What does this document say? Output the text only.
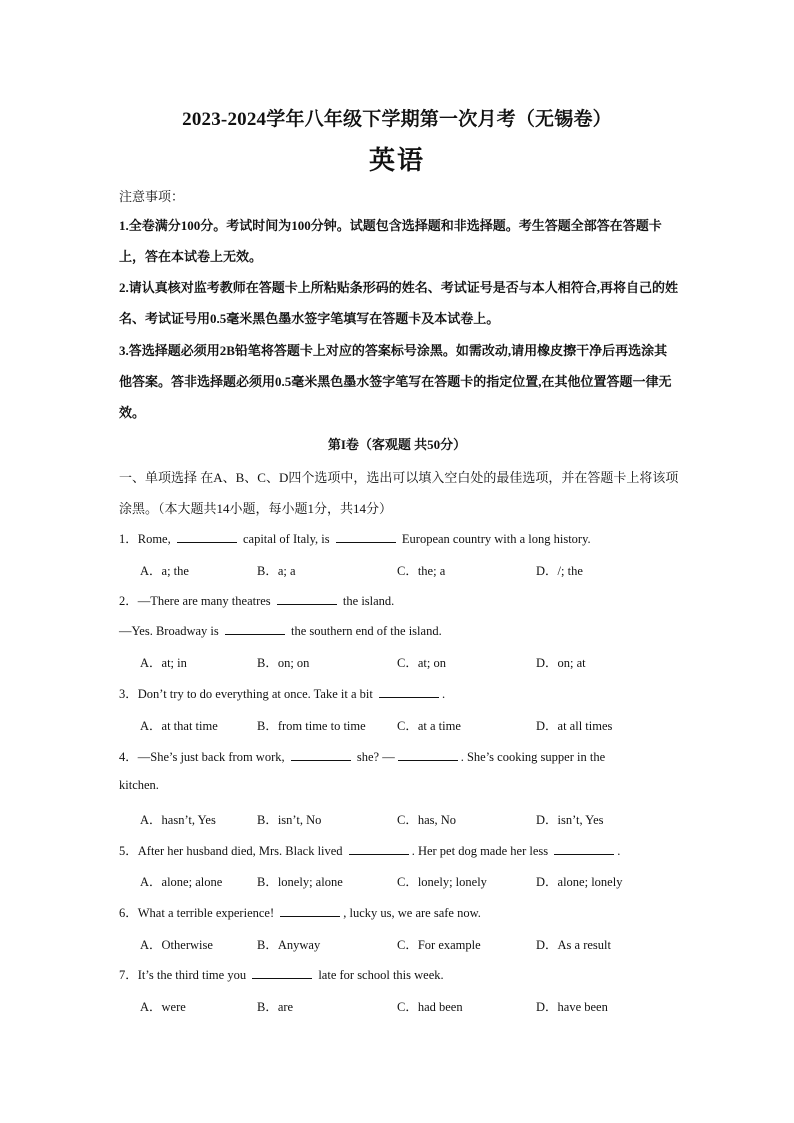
2023-2024学年八年级下学期第一次月考（无锡卷）
英语
注意事项：
1.全卷满分100分。考试时间为100分钟。试题包含选择题和非选择题。考生答题全部答在答题卡上，答在本试卷上无效。
2.请认真核对监考教师在答题卡上所粘贴条形码的姓名、考试证号是否与本人相符合,再将自己的姓名、考试证号用0.5毫米黑色墨水签字笔填写在答题卡及本试卷上。
3.答选择题必须用2B铅笔将答题卡上对应的答案标号涂黑。如需改动,请用橡皮擦干净后再选涂其他答案。答非选择题必须用0.5毫米黑色墨水签字笔写在答题卡的指定位置,在其他位置答题一律无效。
第I卷（客观题 共50分）
一、单项选择 在A、B、C、D四个选项中，选出可以填入空白处的最佳选项，并在答题卡上将该项涂黑。（本大题共14小题，每小题1分，共14分）
1．Rome,	capital of Italy, is	European country with a long history.
A．a; the	B．a; a	C．the; a	D．/; the
2．—There are many theatres	the island.
—Yes. Broadway is	the southern end of the island.
A．at; in	B．on; on	C．at; on	D．on; at
3．Don’t try to do everything at once. Take it a bit	.
A．at that time	B．from time to time	C．at a time	D．at all times
4．—She’s just back from work,	she? —	. She’s cooking supper in the
kitchen.
A．hasn’t, Yes	B．isn’t, No	C．has, No	D．isn’t, Yes
5．After her husband died, Mrs. Black lived	. Her pet dog made her less	.
A．alone; alone	B．lonely; alone	C．lonely; lonely	D．alone; lonely
6．What a terrible experience!	, lucky us, we are safe now.
A．Otherwise	B．Anyway	C．For example	D．As a result
7．It’s the third time you	late for school this week.
A．were	B．are	C．had been	D．have been
